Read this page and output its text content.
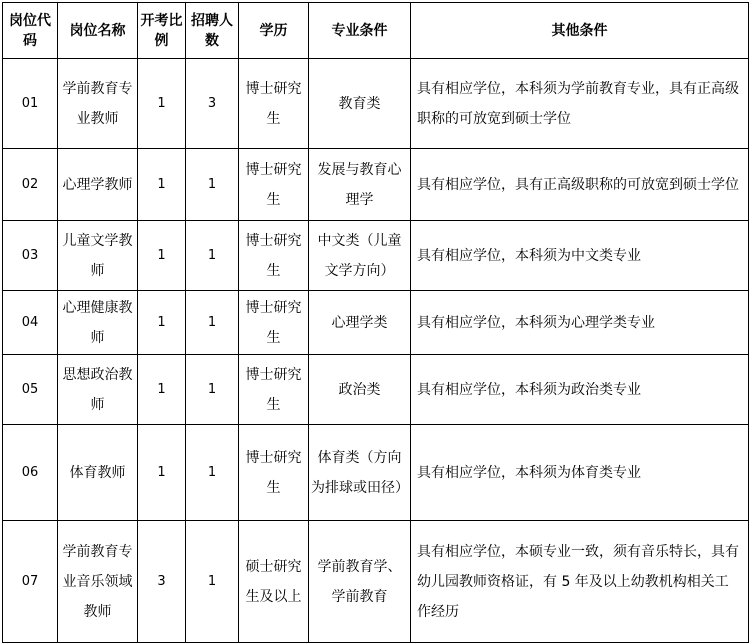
岗位代码	岗位名称	开考比例	招聘人数	学历	专业条件	其他条件
01	学前教育专业教师	1	3	博士研究生	教育类	具有相应学位，本科须为学前教育专业，具有正高级职称的可放宽到硕士学位
02	心理学教师	1	1	博士研究生	发展与教育心理学	具有相应学位，具有正高级职称的可放宽到硕士学位
03	儿童文学教师	1	1	博士研究生	中文类（儿童文学方向）	具有相应学位，本科须为中文类专业
04	心理健康教师	1	1	博士研究生	心理学类	具有相应学位，本科须为心理学类专业
05	思想政治教师	1	1	博士研究生	政治类	具有相应学位，本科须为政治类专业
06	体育教师	1	1	博士研究生	体育类（方向为排球或田径）	具有相应学位，本科须为体育类专业
07	学前教育专业音乐领域教师	3	1	硕士研究生及以上	学前教育学、学前教育	具有相应学位，本硕专业一致，须有音乐特长，具有幼儿园教师资格证，有 5 年及以上幼教机构相关工作经历
